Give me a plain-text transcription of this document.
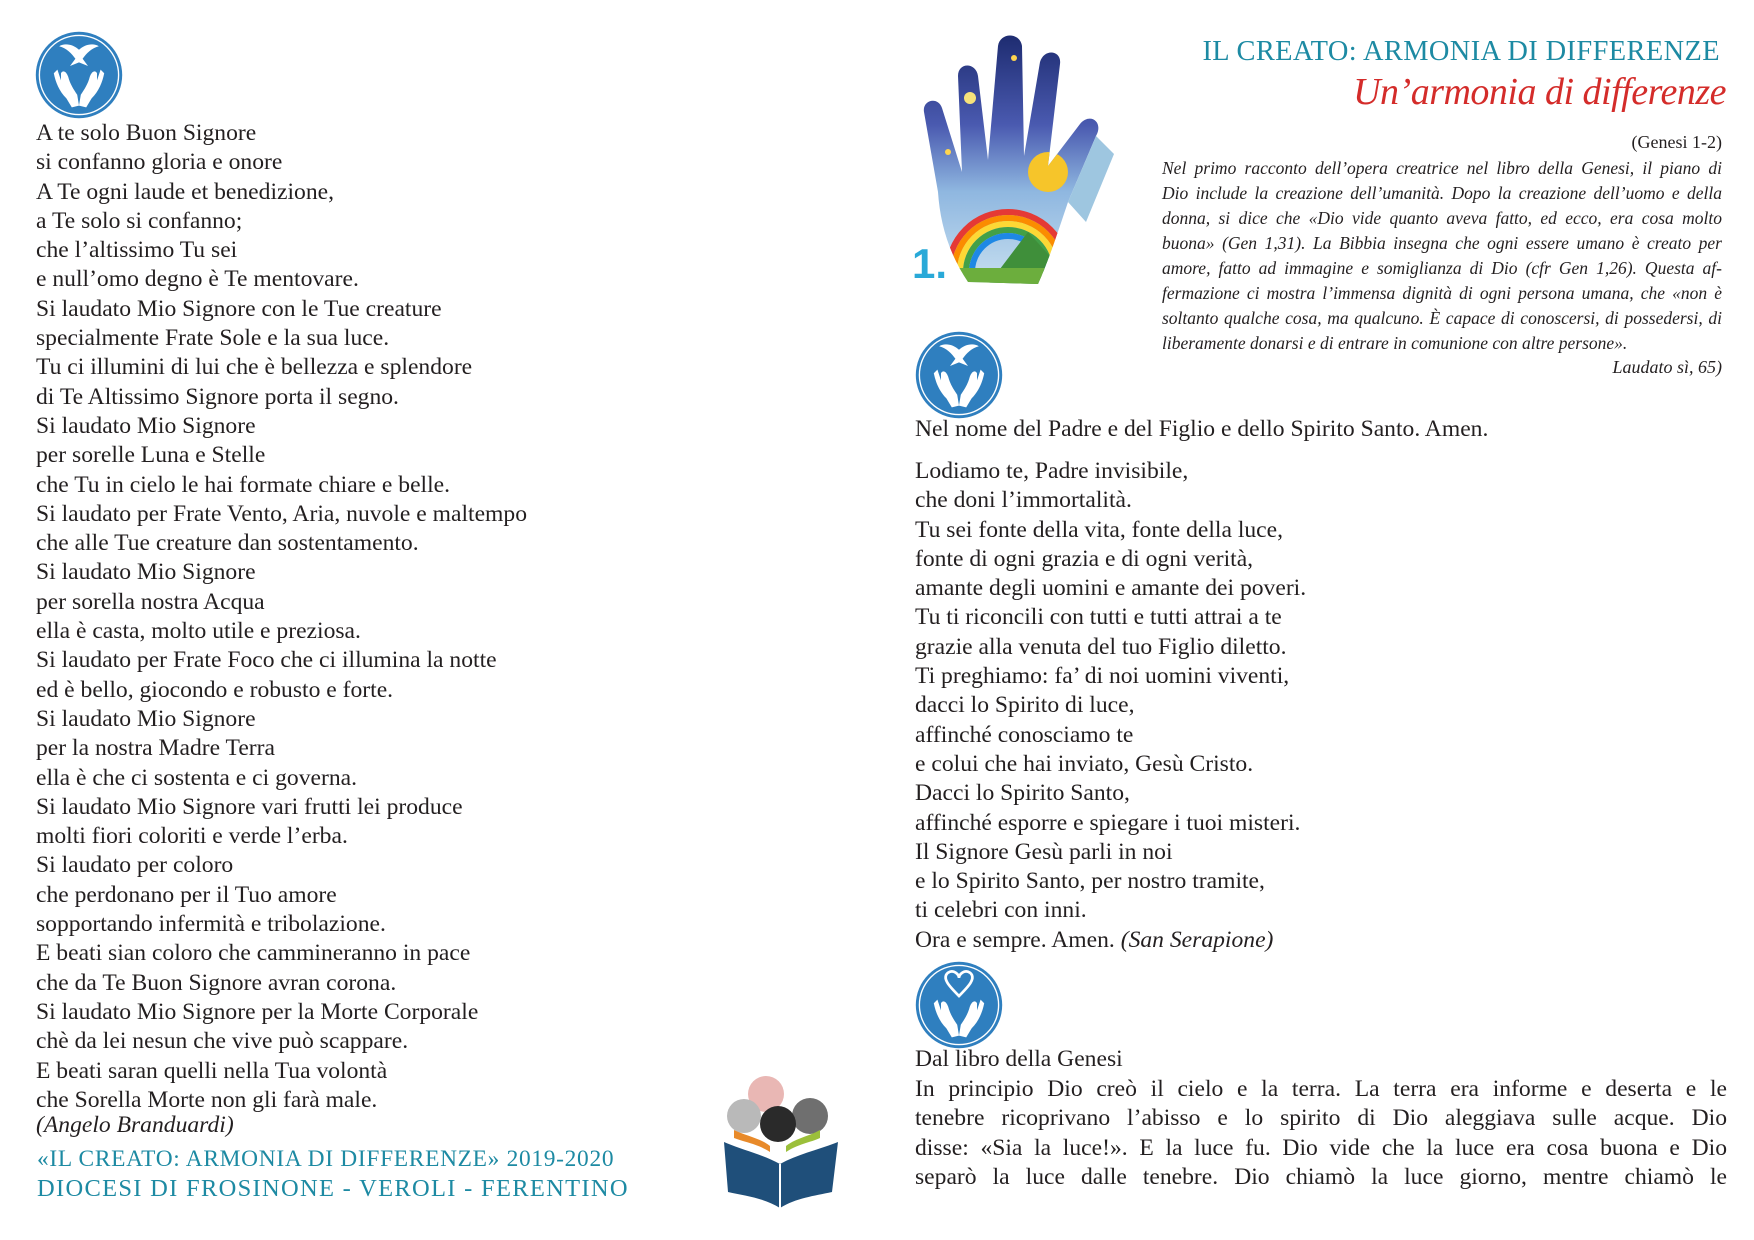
A te solo Buon Signore
si confanno gloria e onore
A Te ogni laude et benedizione,
a Te solo si confanno;
che l’altissimo Tu sei
e null’omo degno è Te mentovare.
Si laudato Mio Signore con le Tue creature
specialmente Frate Sole e la sua luce.
Tu ci illumini di lui che è bellezza e splendore
di Te Altissimo Signore porta il segno.
Si laudato Mio Signore
per sorelle Luna e Stelle
che Tu in cielo le hai formate chiare e belle.
Si laudato per Frate Vento, Aria, nuvole e maltempo
che alle Tue creature dan sostentamento.
Si laudato Mio Signore
per sorella nostra Acqua
ella è casta, molto utile e preziosa.
Si laudato per Frate Foco che ci illumina la notte
ed è bello, giocondo e robusto e forte.
Si laudato Mio Signore
per la nostra Madre Terra
ella è che ci sostenta e ci governa.
Si laudato Mio Signore vari frutti lei produce
molti fiori coloriti e verde l’erba.
Si laudato per coloro
che perdonano per il Tuo amore
sopportando infermità e tribolazione.
E beati sian coloro che cammineranno in pace
che da Te Buon Signore avran corona.
Si laudato Mio Signore per la Morte Corporale
chè da lei nesun che vive può scappare.
E beati saran quelli nella Tua volontà
che Sorella Morte non gli farà male.
(Angelo Branduardi)
«IL CREATO: ARMONIA DI DIFFERENZE» 2019-2020
DIOCESI DI FROSINONE - VEROLI - FERENTINO
1.
IL CREATO: ARMONIA DI DIFFERENZE
Un’armonia di differenze
(Genesi 1-2)

Nel primo racconto dell’opera creatrice nel libro della Genesi, il piano di
Dio include la creazione dell’umanità. Dopo la creazione dell’uomo e della
donna, si dice che «Dio vide quanto aveva fatto, ed ecco, era cosa molto
buona» (Gen 1,31). La Bibbia insegna che ogni essere umano è creato per
amore, fatto ad immagine e somiglianza di Dio (cfr Gen 1,26). Questa af-
fermazione ci mostra l’immensa dignità di ogni persona umana, che «non è
soltanto qualche cosa, ma qualcuno. È capace di conoscersi, di possedersi, di
liberamente donarsi e di entrare in comunione con altre persone».

Laudato sì, 65)
Nel nome del Padre e del Figlio e dello Spirito Santo. Amen.
Lodiamo te, Padre invisibile,
che doni l’immortalità.
Tu sei fonte della vita, fonte della luce,
fonte di ogni grazia e di ogni verità,
amante degli uomini e amante dei poveri.
Tu ti riconcili con tutti e tutti attrai a te
grazie alla venuta del tuo Figlio diletto.
Ti preghiamo: fa’ di noi uomini viventi,
dacci lo Spirito di luce,
affinché conosciamo te
e colui che hai inviato, Gesù Cristo.
Dacci lo Spirito Santo,
affinché esporre e spiegare i tuoi misteri.
Il Signore Gesù parli in noi
e lo Spirito Santo, per nostro tramite,
ti celebri con inni.
Ora e sempre. Amen. (San Serapione)
Dal libro della Genesi

In principio Dio creò il cielo e la terra. La terra era informe e deserta e le
tenebre ricoprivano l’abisso e lo spirito di Dio aleggiava sulle acque. Dio
disse: «Sia la luce!». E la luce fu. Dio vide che la luce era cosa buona e Dio
separò la luce dalle tenebre. Dio chiamò la luce giorno, mentre chiamò le
